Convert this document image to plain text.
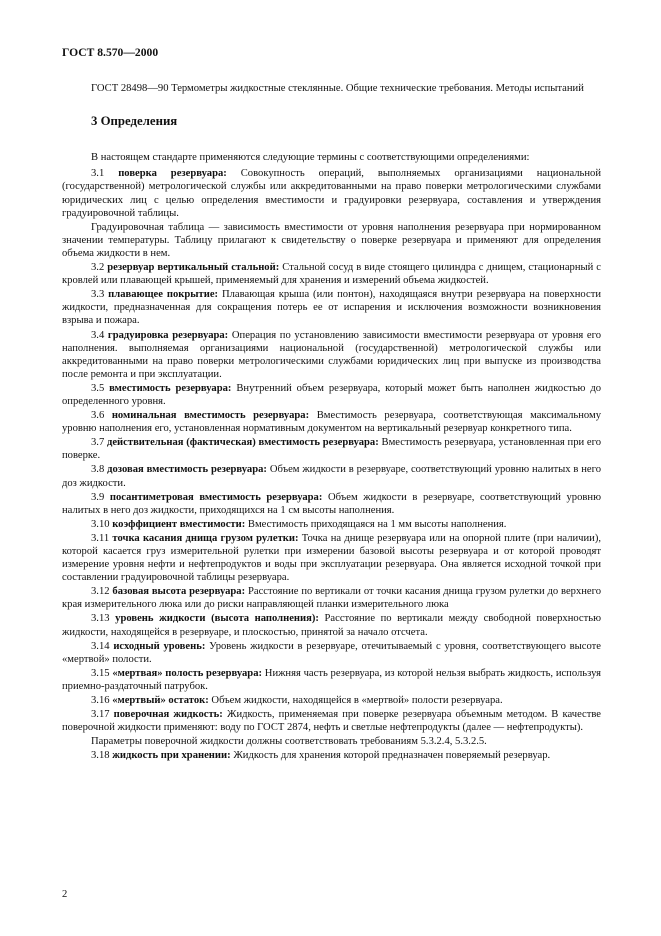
ГОСТ 8.570—2000

ГОСТ 28498—90 Термометры жидкостные стеклянные. Общие технические требования. Методы испытаний

3 Определения

В настоящем стандарте применяются следующие термины с соответствующими определениями:

3.1 поверка резервуара: Совокупность операций, выполняемых организациями национальной (государственной) метрологической службы или аккредитованными на право поверки метрологическими службами юридических лиц с целью определения вместимости и градуировки резервуара, составления и утверждения градуировочной таблицы.

Градуировочная таблица — зависимость вместимости от уровня наполнения резервуара при нормированном значении температуры. Таблицу прилагают к свидетельству о поверке резервуара и применяют для определения объема жидкости в нем.

3.2 резервуар вертикальный стальной: Стальной сосуд в виде стоящего цилиндра с днищем, стационарный с кровлей или плавающей крышей, применяемый для хранения и измерений объема жидкостей.

3.3 плавающее покрытие: Плавающая крыша (или понтон), находящаяся внутри резервуара на поверхности жидкости, предназначенная для сокращения потерь ее от испарения и исключения возможности возникновения взрыва и пожара.

3.4 градуировка резервуара: Операция по установлению зависимости вместимости резервуара от уровня его наполнения. выполняемая организациями национальной (государственной) метрологической службы или аккредитованными на право поверки метрологическими службами юридических лиц при выпуске из производства после ремонта и при эксплуатации.

3.5 вместимость резервуара: Внутренний объем резервуара, который может быть наполнен жидкостью до определенного уровня.

3.6 номинальная вместимость резервуара: Вместимость резервуара, соответствующая максимальному уровню наполнения его, установленная нормативным документом на вертикальный резервуар конкретного типа.

3.7 действительная (фактическая) вместимость резервуара: Вместимость резервуара, установленная при его поверке.

3.8 дозовая вместимость резервуара: Объем жидкости в резервуаре, соответствующий уровню налитых в него доз жидкости.

3.9 посантиметровая вместимость резервуара: Объем жидкости в резервуаре, соответствующий уровню налитых в него доз жидкости, приходящихся на 1 см высоты наполнения.

3.10 коэффициент вместимости: Вместимость приходящаяся на 1 мм высоты наполнения.

3.11 точка касания днища грузом рулетки: Точка на днище резервуара или на опорной плите (при наличии), которой касается груз измерительной рулетки при измерении базовой высоты резервуара и от которой проводят измерение уровня нефти и нефтепродуктов и воды при эксплуатации резервуара. Она является исходной точкой при составлении градуировочной таблицы резервуара.

3.12 базовая высота резервуара: Расстояние по вертикали от точки касания днища грузом рулетки до верхнего края измерительного люка или до риски направляющей планки измерительного люка

3.13 уровень жидкости (высота наполнения): Расстояние по вертикали между свободной поверхностью жидкости, находящейся в резервуаре, и плоскостью, принятой за начало отсчета.

3.14 исходный уровень: Уровень жидкости в резервуаре, отечитываемый с уровня, соответствующего высоте «мертвой» полости.

3.15 «мертвая» полость резервуара: Нижняя часть резервуара, из которой нельзя выбрать жидкость, используя приемно-раздаточный патрубок.

3.16 «мертвый» остаток: Объем жидкости, находящейся в «мертвой» полости резервуара.

3.17 поверочная жидкость: Жидкость, применяемая при поверке резервуара объемным методом. В качестве поверочной жидкости применяют: воду по ГОСТ 2874, нефть и светлые нефтепродукты (далее — нефтепродукты).

Параметры поверочной жидкости должны соответствовать требованиям 5.3.2.4, 5.3.2.5.

3.18 жидкость при хранении: Жидкость для хранения которой предназначен поверяемый резервуар.

2
